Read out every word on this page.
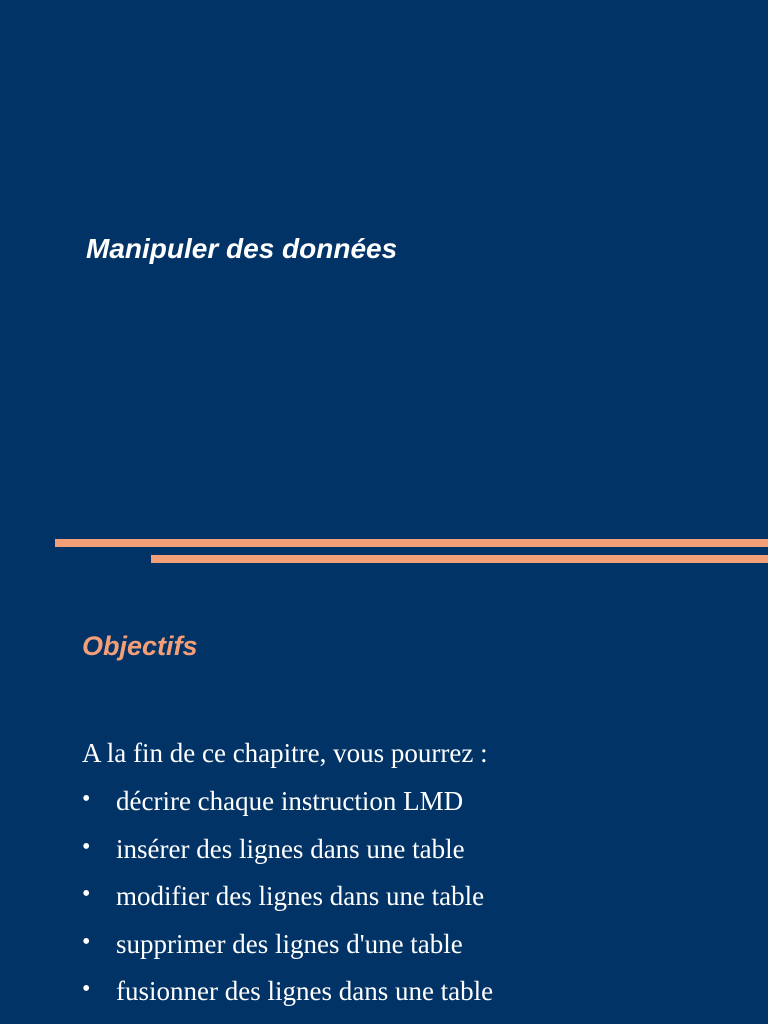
Manipuler des données
Objectifs

A la fin de ce chapitre, vous pourrez :

• décrire chaque instruction LMD
• insérer des lignes dans une table
• modifier des lignes dans une table
• supprimer des lignes d'une table
• fusionner des lignes dans une table
